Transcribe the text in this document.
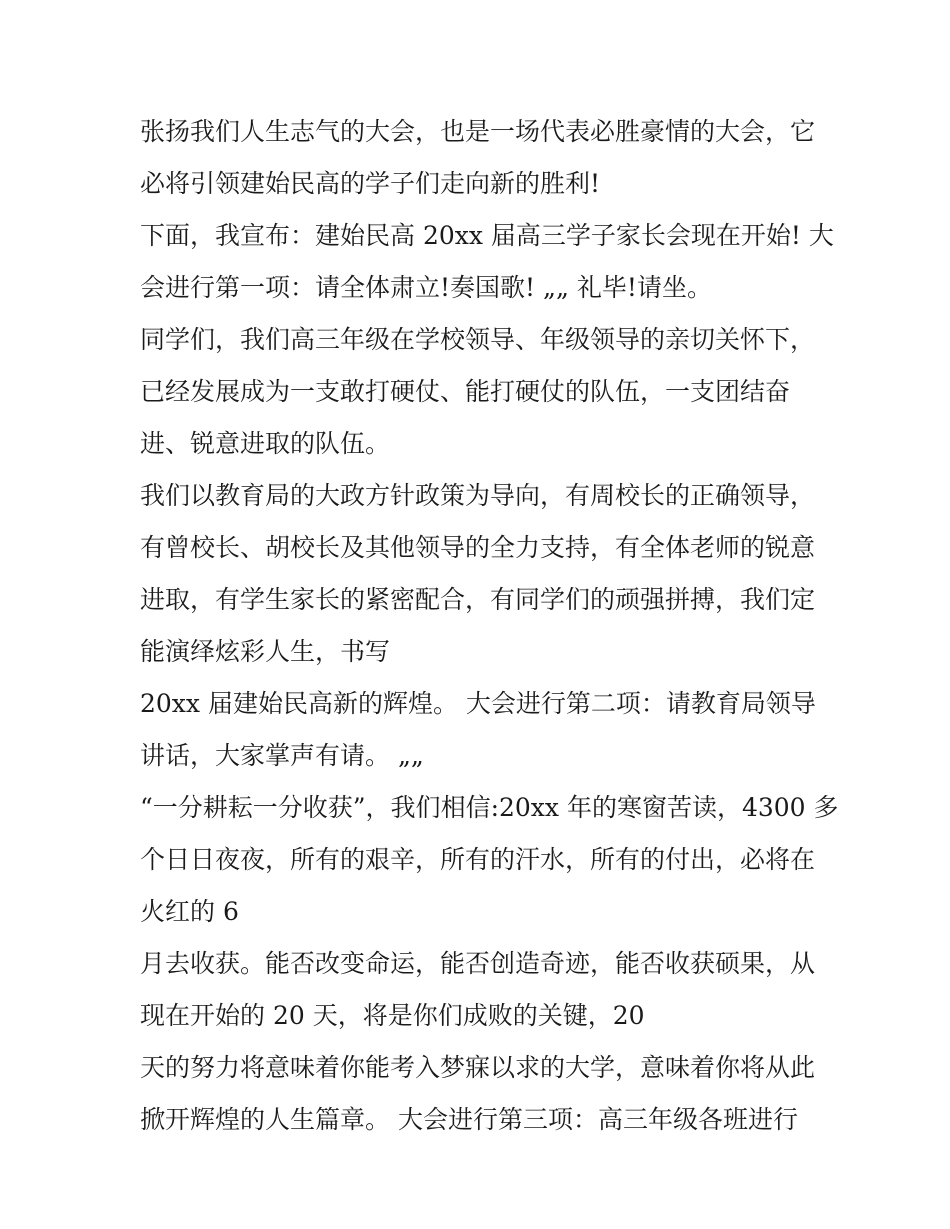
张扬我们人生志气的大会，也是一场代表必胜豪情的大会，它
必将引领建始民高的学子们走向新的胜利!
下面，我宣布：建始民高 20xx 届高三学子家长会现在开始! 大
会进行第一项：请全体肃立!奏国歌! „„ 礼毕!请坐。
同学们，我们高三年级在学校领导、年级领导的亲切关怀下，
已经发展成为一支敢打硬仗、能打硬仗的队伍，一支团结奋
进、锐意进取的队伍。
我们以教育局的大政方针政策为导向，有周校长的正确领导，
有曾校长、胡校长及其他领导的全力支持，有全体老师的锐意
进取，有学生家长的紧密配合，有同学们的顽强拼搏，我们定
能演绎炫彩人生，书写
20xx 届建始民高新的辉煌。 大会进行第二项：请教育局领导
讲话，大家掌声有请。 „„
“一分耕耘一分收获”，我们相信:20xx 年的寒窗苦读，4300 多
个日日夜夜，所有的艰辛，所有的汗水，所有的付出，必将在
火红的 6
月去收获。能否改变命运，能否创造奇迹，能否收获硕果，从
现在开始的 20 天，将是你们成败的关键，20
天的努力将意味着你能考入梦寐以求的大学，意味着你将从此
掀开辉煌的人生篇章。 大会进行第三项：高三年级各班进行
